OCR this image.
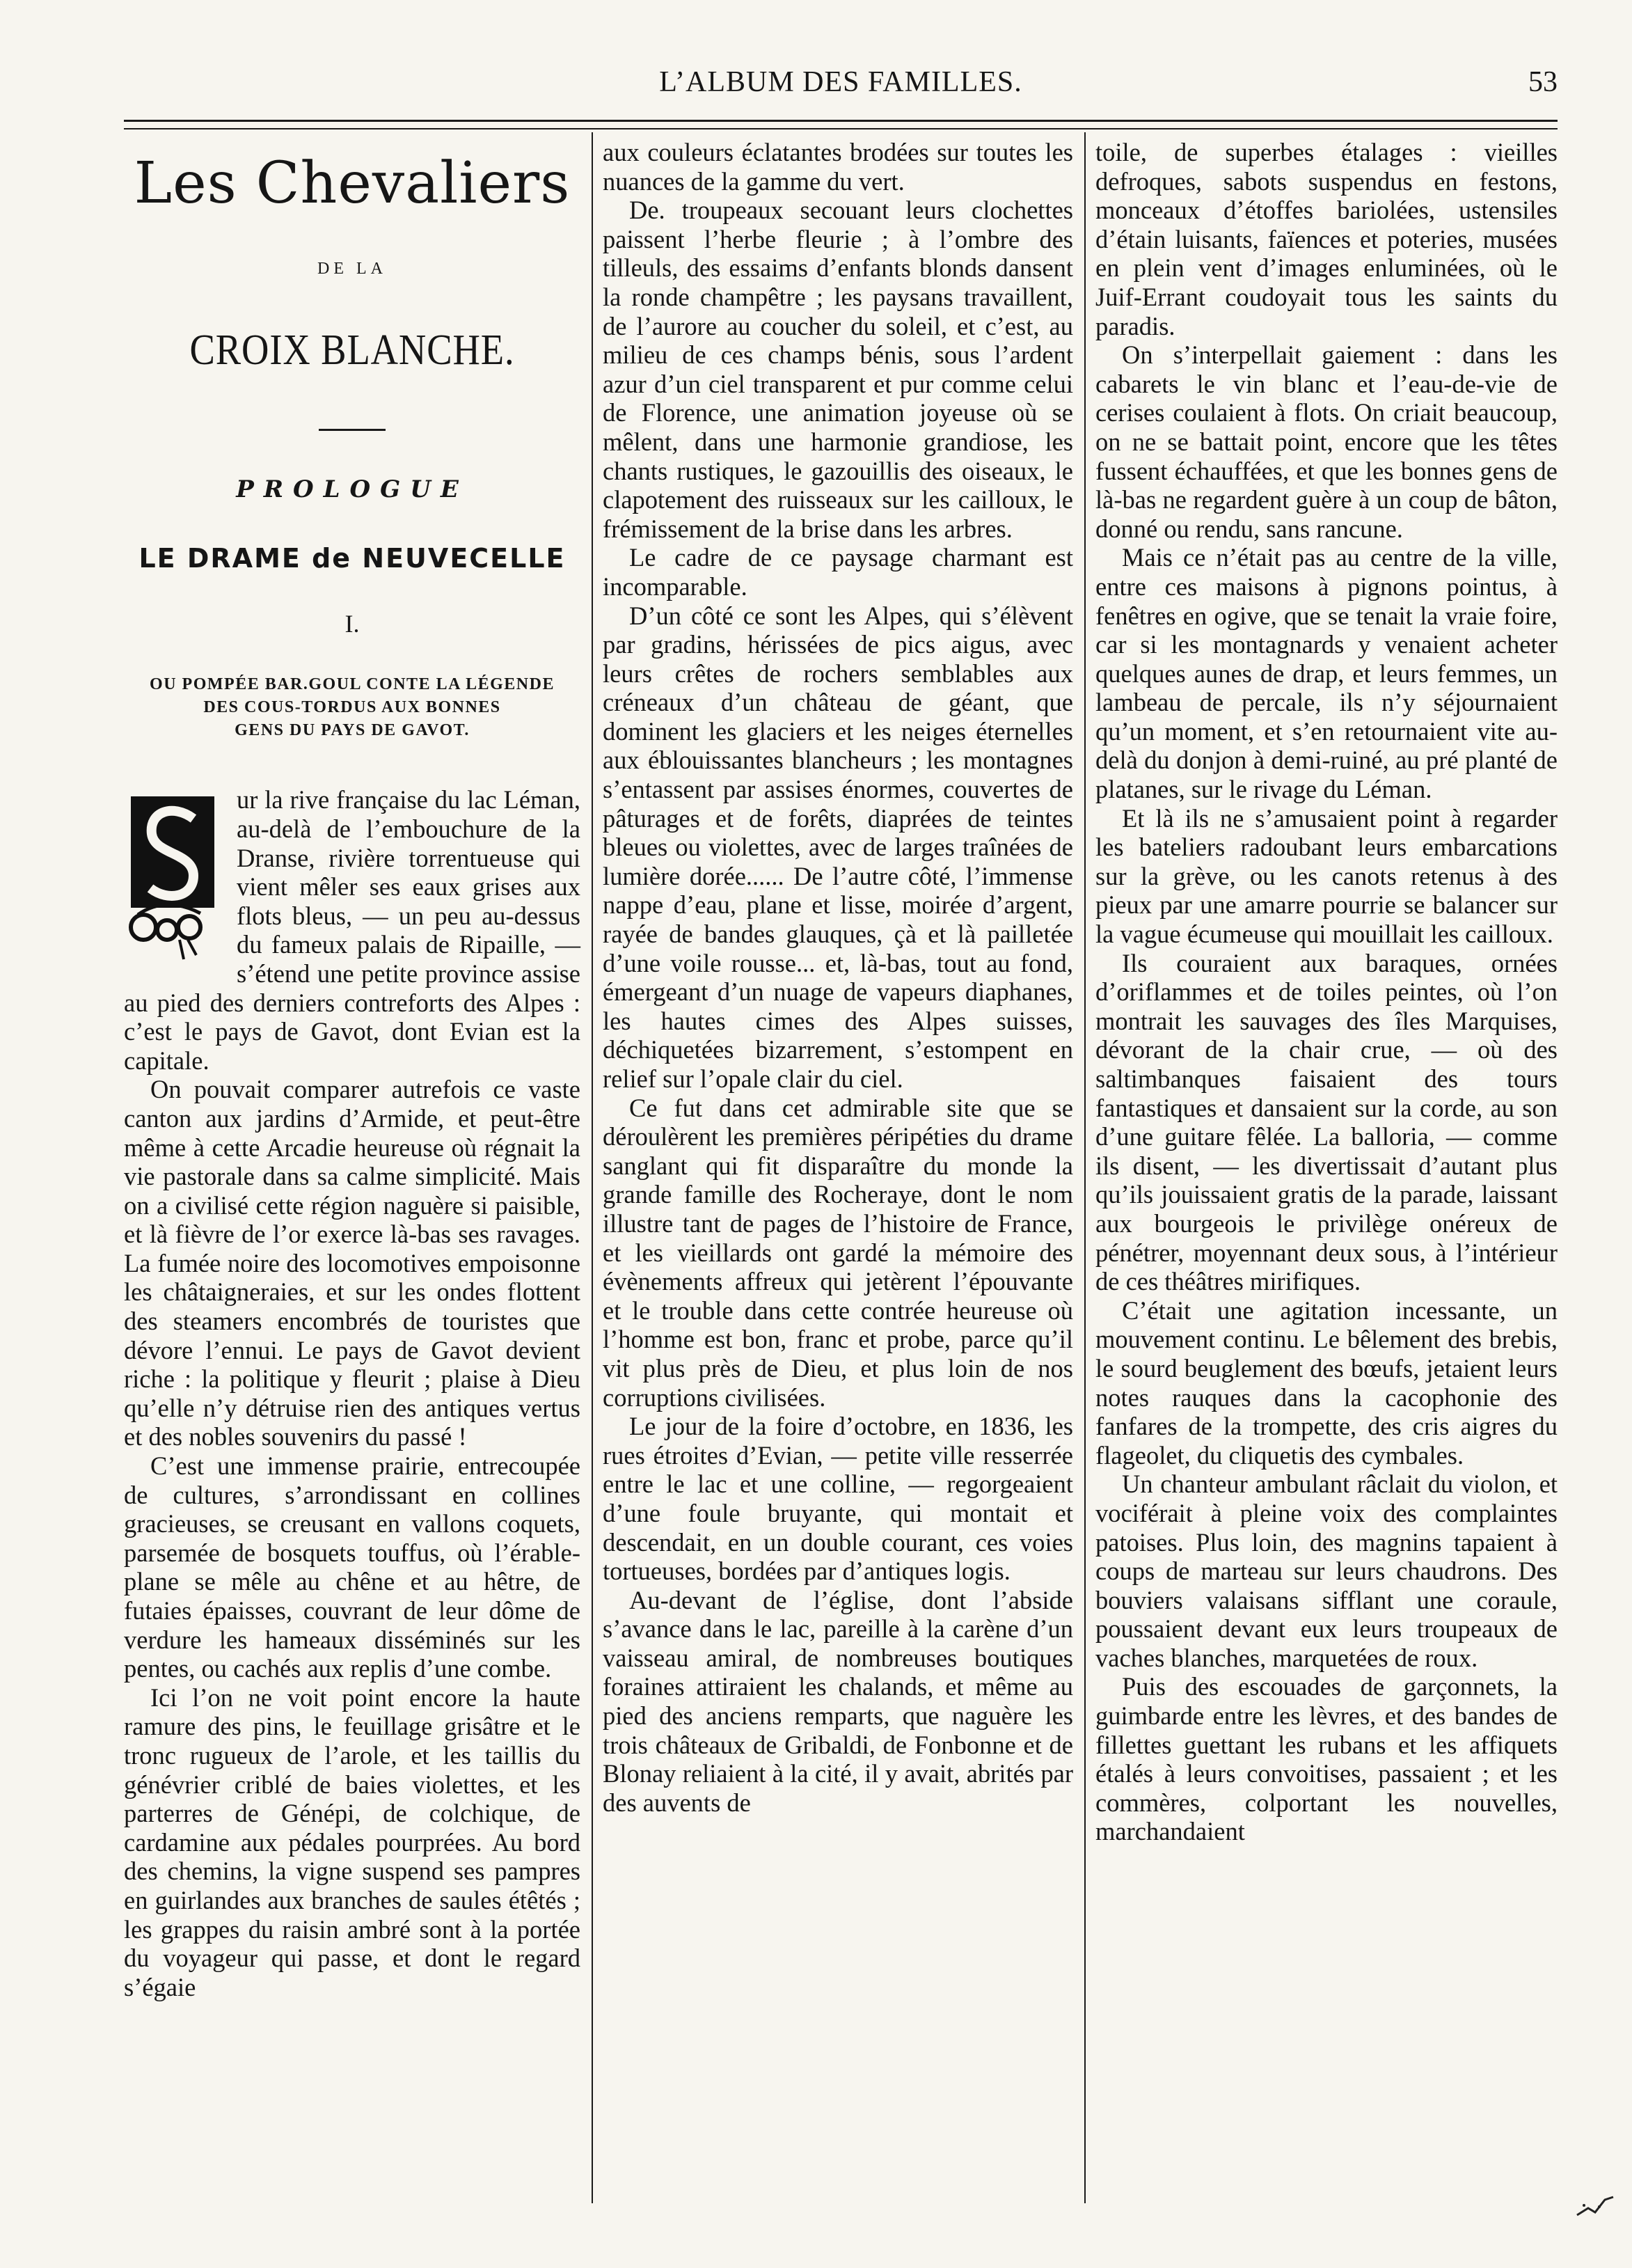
L’ALBUM DES FAMILLES.	53
Les Chevaliers
DE LA
CROIX BLANCHE.
PROLOGUE
LE DRAME de NEUVECELLE
I.
OU POMPÉE BAR.GOUL CONTE LA LÉGENDE
DES COUS-TORDUS AUX BONNES
GENS DU PAYS DE GAVOT.

ur la rive française du lac Léman, au-delà de l’embouchure de la Dranse, rivière torrentueuse qui vient mêler ses eaux grises aux flots bleus, — un peu au-dessus du fameux palais de Ripaille, — s’étend une petite province assise au pied des derniers contreforts des Alpes : c’est le pays de Gavot, dont Evian est la capitale.

On pouvait comparer autrefois ce vaste canton aux jardins d’Armide, et peut-être même à cette Arcadie heureuse où régnait la vie pastorale dans sa calme simplicité. Mais on a civilisé cette région naguère si paisible, et là fièvre de l’or exerce là-bas ses ravages. La fumée noire des locomotives empoisonne les châtaigneraies, et sur les ondes flottent des steamers encombrés de touristes que dévore l’ennui. Le pays de Gavot devient riche : la politique y fleurit ; plaise à Dieu qu’elle n’y détruise rien des antiques vertus et des nobles souvenirs du passé !

C’est une immense prairie, entrecoupée de cultures, s’arrondissant en collines gracieuses, se creusant en vallons coquets, parsemée de bosquets touffus, où l’érable-plane se mêle au chêne et au hêtre, de futaies épaisses, couvrant de leur dôme de verdure les hameaux disséminés sur les pentes, ou cachés aux replis d’une combe.

Ici l’on ne voit point encore la haute ramure des pins, le feuillage grisâtre et le tronc rugueux de l’arole, et les taillis du génévrier criblé de baies violettes, et les parterres de Génépi, de colchique, de cardamine aux pédales pourprées. Au bord des chemins, la vigne suspend ses pampres en guirlandes aux branches de saules étêtés ; les grappes du raisin ambré sont à la portée du voyageur qui passe, et dont le regard s’égaie

aux couleurs éclatantes brodées sur toutes les nuances de la gamme du vert.

De. troupeaux secouant leurs clochettes paissent l’herbe fleurie ; à l’ombre des tilleuls, des essaims d’enfants blonds dansent la ronde champêtre ; les paysans travaillent, de l’aurore au coucher du soleil, et c’est, au milieu de ces champs bénis, sous l’ardent azur d’un ciel transparent et pur comme celui de Florence, une animation joyeuse où se mêlent, dans une harmonie grandiose, les chants rustiques, le gazouillis des oiseaux, le clapotement des ruisseaux sur les cailloux, le frémissement de la brise dans les arbres.

Le cadre de ce paysage charmant est incomparable.

D’un côté ce sont les Alpes, qui s’élèvent par gradins, hérissées de pics aigus, avec leurs crêtes de rochers semblables aux créneaux d’un château de géant, que dominent les glaciers et les neiges éternelles aux éblouissantes blancheurs ; les montagnes s’entassent par assises énormes, couvertes de pâturages et de forêts, diaprées de teintes bleues ou violettes, avec de larges traînées de lumière dorée...... De l’autre côté, l’immense nappe d’eau, plane et lisse, moirée d’argent, rayée de bandes glauques, çà et là pailletée d’une voile rousse... et, là-bas, tout au fond, émergeant d’un nuage de vapeurs diaphanes, les hautes cimes des Alpes suisses, déchiquetées bizarrement, s’estompent en relief sur l’opale clair du ciel.

Ce fut dans cet admirable site que se déroulèrent les premières péripéties du drame sanglant qui fit disparaître du monde la grande famille des Rocheraye, dont le nom illustre tant de pages de l’histoire de France, et les vieillards ont gardé la mémoire des évènements affreux qui jetèrent l’épouvante et le trouble dans cette contrée heureuse où l’homme est bon, franc et probe, parce qu’il vit plus près de Dieu, et plus loin de nos corruptions civilisées.

Le jour de la foire d’octobre, en 1836, les rues étroites d’Evian, — petite ville resserrée entre le lac et une colline, — regorgeaient d’une foule bruyante, qui montait et descendait, en un double courant, ces voies tortueuses, bordées par d’antiques logis.

Au-devant de l’église, dont l’abside s’avance dans le lac, pareille à la carène d’un vaisseau amiral, de nombreuses boutiques foraines attiraient les chalands, et même au pied des anciens remparts, que naguère les trois châteaux de Gribaldi, de Fonbonne et de Blonay reliaient à la cité, il y avait, abrités par des auvents de

toile, de superbes étalages : vieilles defroques, sabots suspendus en festons, monceaux d’étoffes bariolées, ustensiles d’étain luisants, faïences et poteries, musées en plein vent d’images enluminées, où le Juif-Errant coudoyait tous les saints du paradis.

On s’interpellait gaiement : dans les cabarets le vin blanc et l’eau-de-vie de cerises coulaient à flots. On criait beaucoup, on ne se battait point, encore que les têtes fussent échauffées, et que les bonnes gens de là-bas ne regardent guère à un coup de bâton, donné ou rendu, sans rancune.

Mais ce n’était pas au centre de la ville, entre ces maisons à pignons pointus, à fenêtres en ogive, que se tenait la vraie foire, car si les montagnards y venaient acheter quelques aunes de drap, et leurs femmes, un lambeau de percale, ils n’y séjournaient qu’un moment, et s’en retournaient vite au-delà du donjon à demi-ruiné, au pré planté de platanes, sur le rivage du Léman.

Et là ils ne s’amusaient point à regarder les bateliers radoubant leurs embarcations sur la grève, ou les canots retenus à des pieux par une amarre pourrie se balancer sur la vague écumeuse qui mouillait les cailloux.

Ils couraient aux baraques, ornées d’oriflammes et de toiles peintes, où l’on montrait les sauvages des îles Marquises, dévorant de la chair crue, — où des saltimbanques faisaient des tours fantastiques et dansaient sur la corde, au son d’une guitare fêlée. La balloria, — comme ils disent, — les divertissait d’autant plus qu’ils jouissaient gratis de la parade, laissant aux bourgeois le privilège onéreux de pénétrer, moyennant deux sous, à l’intérieur de ces théâtres mirifiques.

C’était une agitation incessante, un mouvement continu. Le bêlement des brebis, le sourd beuglement des bœufs, jetaient leurs notes rauques dans la cacophonie des fanfares de la trompette, des cris aigres du flageolet, du cliquetis des cymbales.

Un chanteur ambulant râclait du violon, et vociférait à pleine voix des complaintes patoises. Plus loin, des magnins tapaient à coups de marteau sur leurs chaudrons. Des bouviers valaisans sifflant une coraule, poussaient devant eux leurs troupeaux de vaches blanches, marquetées de roux.

Puis des escouades de garçonnets, la guimbarde entre les lèvres, et des bandes de fillettes guettant les rubans et les affiquets étalés à leurs convoitises, passaient ; et les commères, colportant les nouvelles, marchandaient
